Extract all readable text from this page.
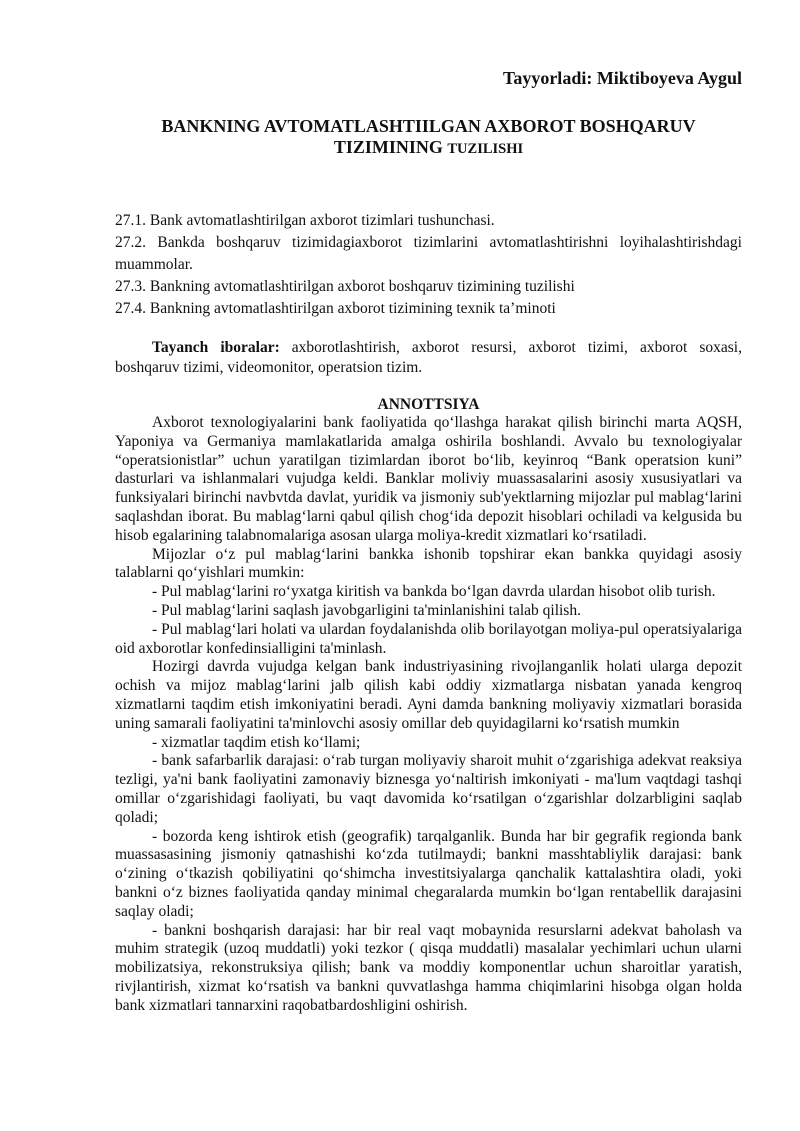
Tayyorladi: Miktiboyeva Aygul
BANKNING AVTOMATLASHTIILGAN AXBOROT BOSHQARUV
TIZIMINING TUZILISHI
27.1. Bank avtomatlashtirilgan axborot tizimlari tushunchasi.
27.2. Bankda boshqaruv tizimidagiaxborot tizimlarini avtomatlashtirishni loyihalashtirishdagi muammolar.
27.3. Bankning avtomatlashtirilgan axborot boshqaruv tizimining tuzilishi
27.4. Bankning avtomatlashtirilgan axborot tizimining texnik ta’minoti
Tayanch iboralar: axborotlashtirish, axborot resursi, axborot tizimi, axborot soxasi, boshqaruv tizimi, videomonitor, operatsion tizim.
ANNOTTSIYA

Axborot texnologiyalarini bank faoliyatida qo‘llashga harakat qilish birinchi marta AQSH, Yaponiya va Germaniya mamlakatlarida amalga oshirila boshlandi. Avvalo bu texnologiyalar “operatsionistlar” uchun yaratilgan tizimlardan iborot bo‘lib, keyinroq “Bank operatsion kuni” dasturlari va ishlanmalari vujudga keldi. Banklar moliviy muassasalarini asosiy xususiyatlari va funksiyalari birinchi navbvtda davlat, yuridik va jismoniy sub'yektlarning mijozlar pul mablag‘larini saqlashdan iborat. Bu mablag‘larni qabul qilish chog‘ida depozit hisoblari ochiladi va kelgusida bu hisob egalarining talabnomalariga asosan ularga moliya-kredit xizmatlari ko‘rsatiladi.

Mijozlar o‘z pul mablag‘larini bankka ishonib topshirar ekan bankka quyidagi asosiy talablarni qo‘yishlari mumkin:

- Pul mablag‘larini ro‘yxatga kiritish va bankda bo‘lgan davrda ulardan hisobot olib turish.

- Pul mablag‘larini saqlash javobgarligini ta'minlanishini talab qilish.

- Pul mablag‘lari holati va ulardan foydalanishda olib borilayotgan moliya-pul operatsiyalariga oid axborotlar konfedinsialligini ta'minlash.

Hozirgi davrda vujudga kelgan bank industriyasining rivojlanganlik holati ularga depozit ochish va mijoz mablag‘larini jalb qilish kabi oddiy xizmatlarga nisbatan yanada kengroq xizmatlarni taqdim etish imkoniyatini beradi. Ayni damda bankning moliyaviy xizmatlari borasida uning samarali faoliyatini ta'minlovchi asosiy omillar deb quyidagilarni ko‘rsatish mumkin

- xizmatlar taqdim etish ko‘llami;

- bank safarbarlik darajasi: o‘rab turgan moliyaviy sharoit muhit o‘zgarishiga adekvat reaksiya tezligi, ya'ni bank faoliyatini zamonaviy biznesga yo‘naltirish imkoniyati - ma'lum vaqtdagi tashqi omillar o‘zgarishidagi faoliyati, bu vaqt davomida ko‘rsatilgan o‘zgarishlar dolzarbligini saqlab qoladi;

- bozorda keng ishtirok etish (geografik) tarqalganlik. Bunda har bir gegrafik regionda bank muassasasining jismoniy qatnashishi ko‘zda tutilmaydi; bankni masshtabliylik darajasi: bank o‘zining o‘tkazish qobiliyatini qo‘shimcha investitsiyalarga qanchalik kattalashtira oladi, yoki bankni o‘z biznes faoliyatida qanday minimal chegaralarda mumkin bo‘lgan rentabellik darajasini saqlay oladi;

- bankni boshqarish darajasi: har bir real vaqt mobaynida resurslarni adekvat baholash va muhim strategik (uzoq muddatli) yoki tezkor ( qisqa muddatli) masalalar yechimlari uchun ularni mobilizatsiya, rekonstruksiya qilish; bank va moddiy komponentlar uchun sharoitlar yaratish, rivjlantirish, xizmat ko‘rsatish va bankni quvvatlashga hamma chiqimlarini hisobga olgan holda bank xizmatlari tannarxini raqobatbardoshligini oshirish.
